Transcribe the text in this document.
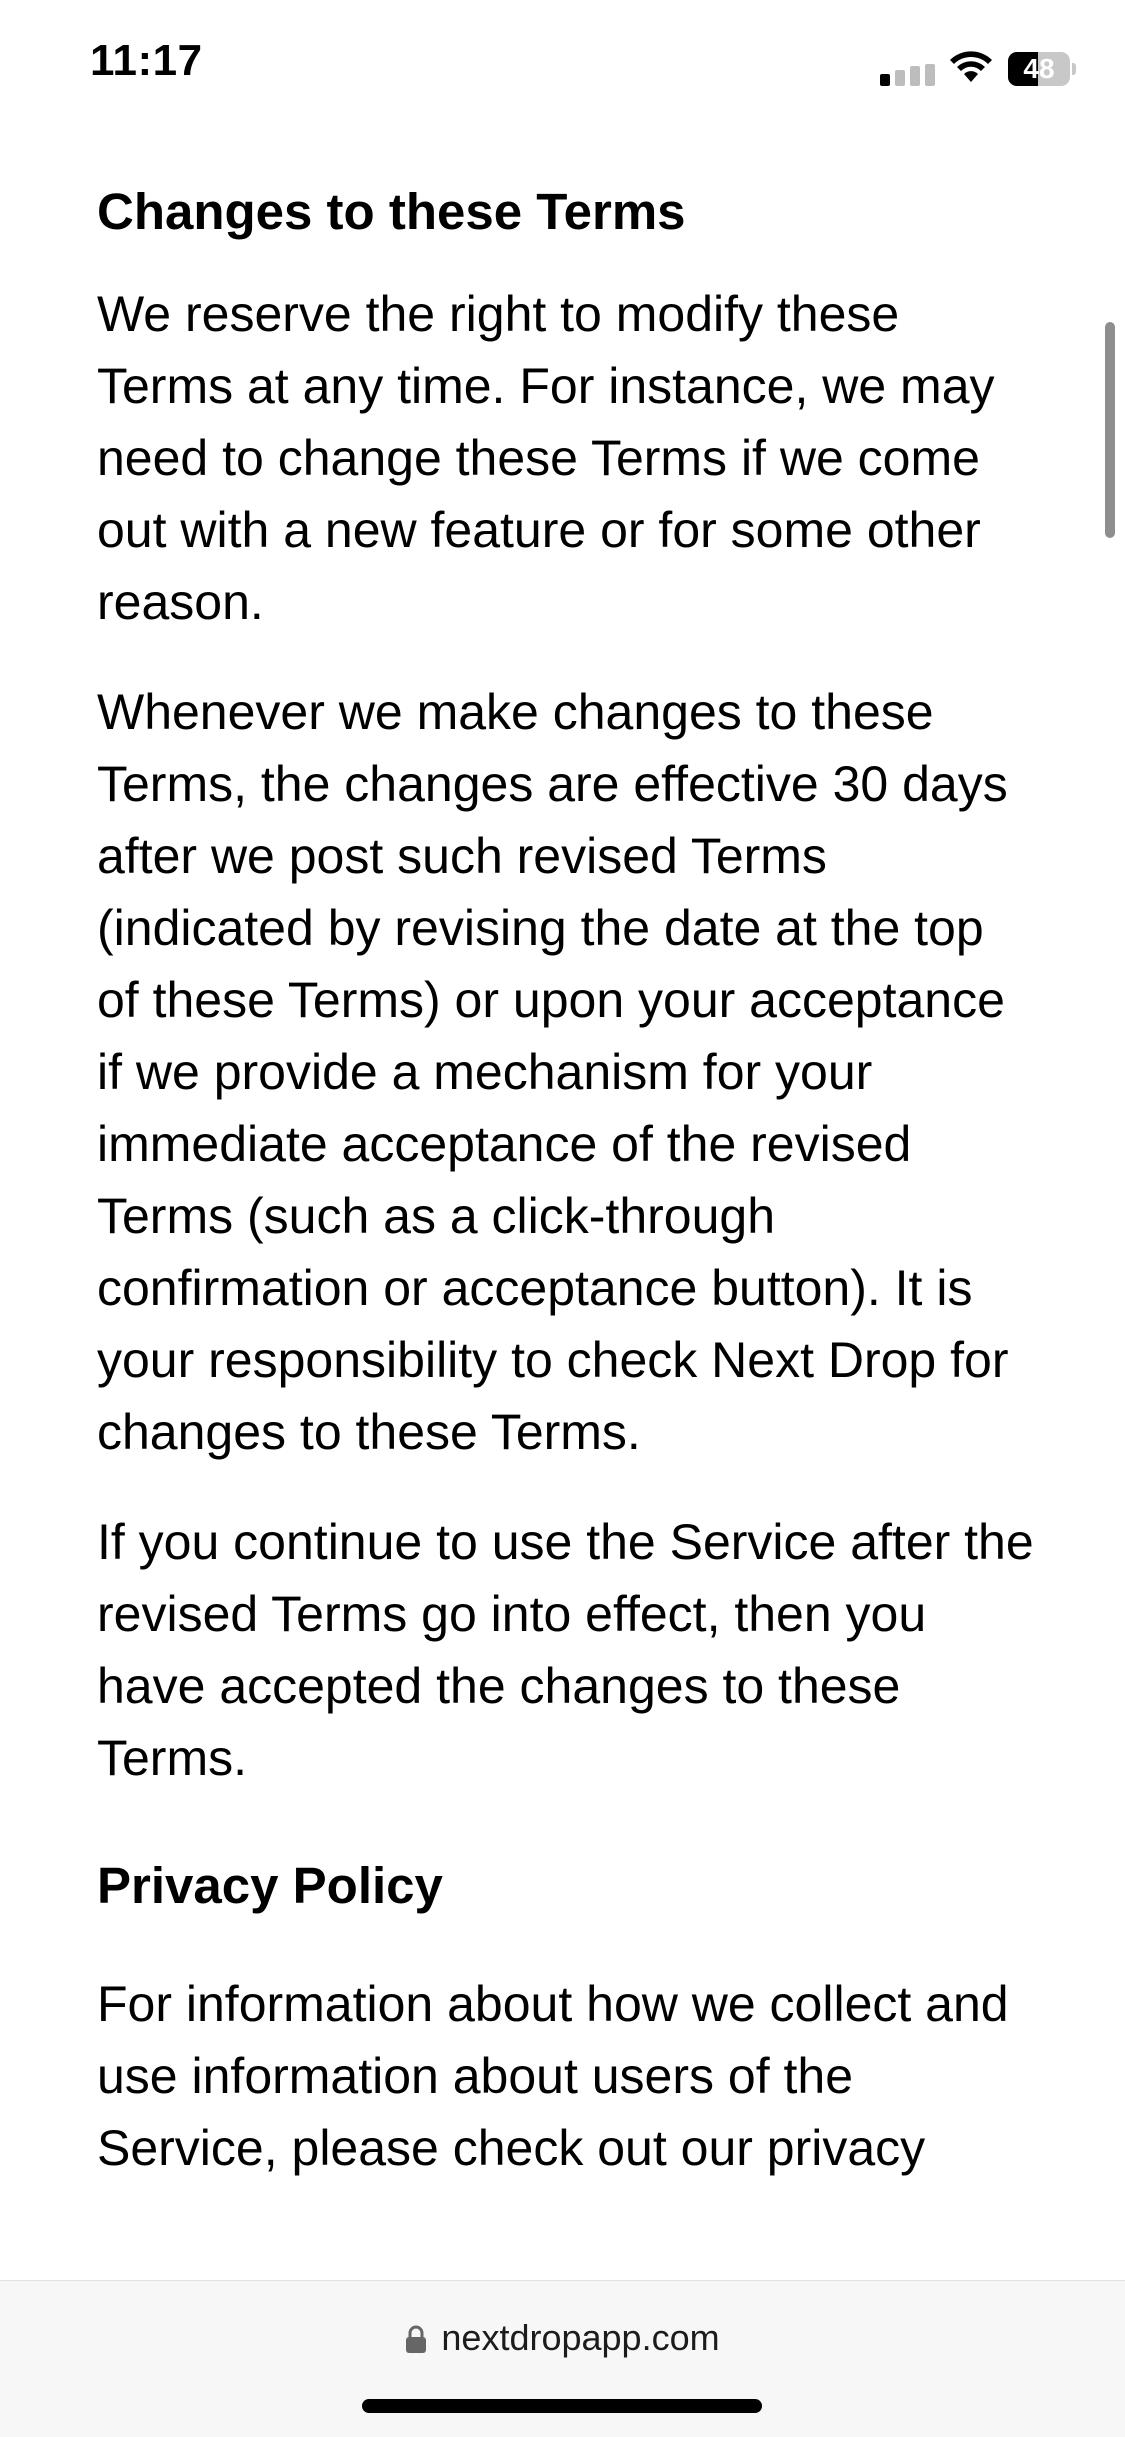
11:17	48
Changes to these Terms

We reserve the right to modify these Terms at any time. For instance, we may need to change these Terms if we come out with a new feature or for some other reason.

Whenever we make changes to these Terms, the changes are effective 30 days after we post such revised Terms (indicated by revising the date at the top of these Terms) or upon your acceptance if we provide a mechanism for your immediate acceptance of the revised Terms (such as a click-through confirmation or acceptance button). It is your responsibility to check Next Drop for changes to these Terms.

If you continue to use the Service after the revised Terms go into effect, then you have accepted the changes to these Terms.

Privacy Policy

For information about how we collect and use information about users of the Service, please check out our privacy

nextdropapp.com
